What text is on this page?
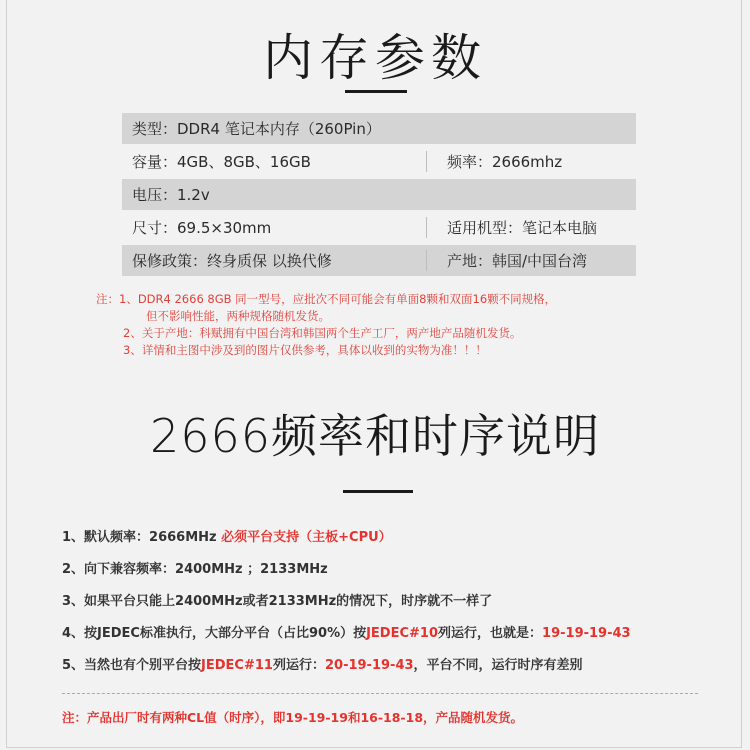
内存参数
类型：DDR4 笔记本内存（260Pin）
容量：4GB、8GB、16GB	频率：2666mhz
电压：1.2v
尺寸：69.5×30mm	适用机型：笔记本电脑
保修政策：终身质保 以换代修	产地：韩国/中国台湾
注：1、DDR4 2666 8GB 同一型号，应批次不同可能会有单面8颗和双面16颗不同规格，
但不影响性能，两种规格随机发货。
2、关于产地：科赋拥有中国台湾和韩国两个生产工厂，两产地产品随机发货。
3、详情和主图中涉及到的图片仅供参考，具体以收到的实物为准！！！
2666频率和时序说明
1、默认频率：2666MHz 必须平台支持（主板+CPU）
2、向下兼容频率：2400MHz ；2133MHz
3、如果平台只能上2400MHz或者2133MHz的情况下，时序就不一样了
4、按JEDEC标准执行，大部分平台（占比90%）按JEDEC#10列运行，也就是：19-19-19-43
5、当然也有个别平台按JEDEC#11列运行：20-19-19-43，平台不同，运行时序有差别
注：产品出厂时有两种CL值（时序），即19-19-19和16-18-18，产品随机发货。
